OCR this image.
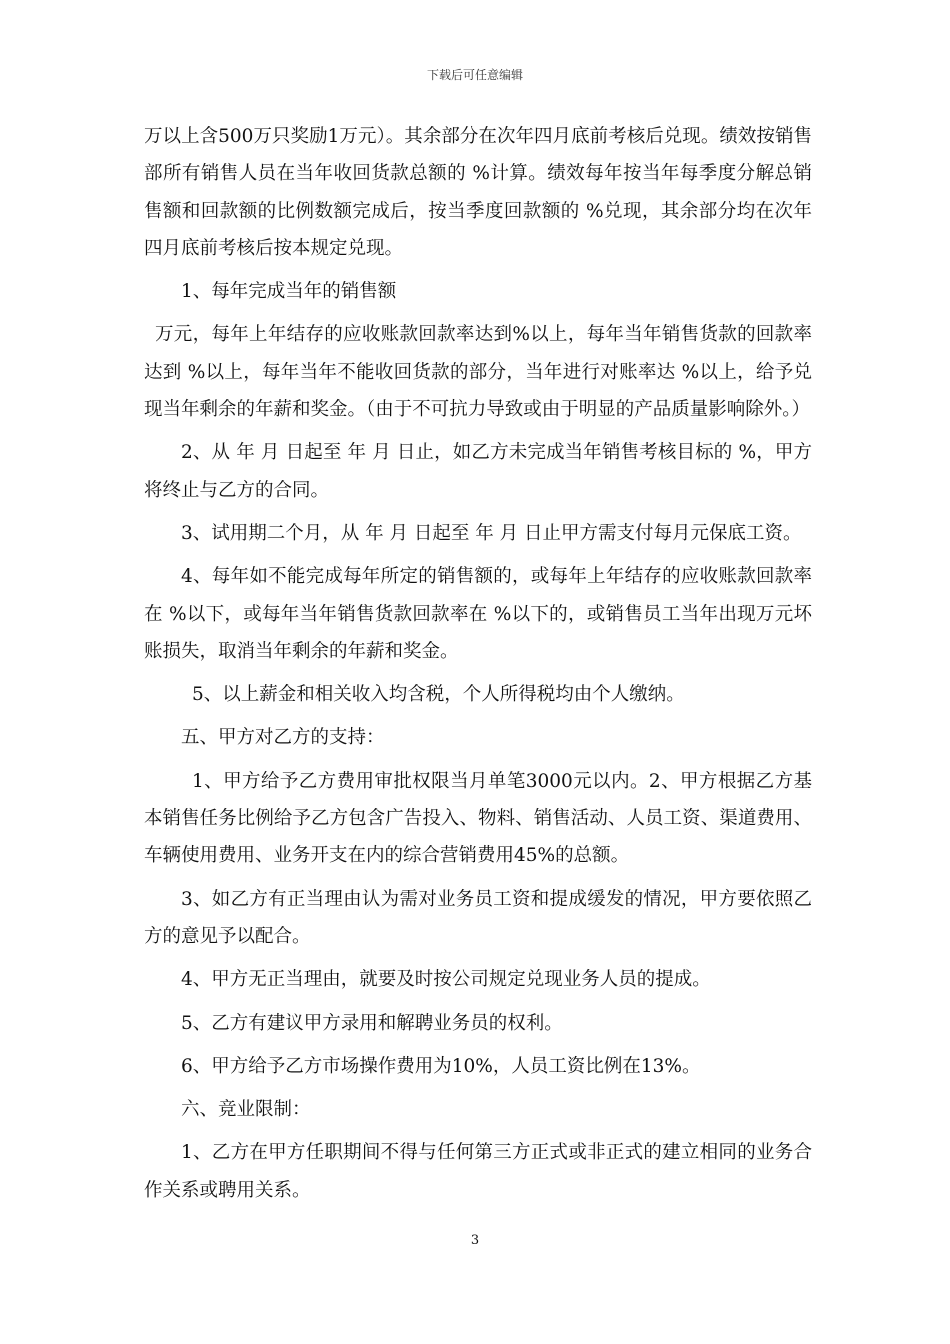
下载后可任意编辑

万以上含500万只奖励1万元）。其余部分在次年四月底前考核后兑现。绩效按销售部所有销售人员在当年收回货款总额的 %计算。绩效每年按当年每季度分解总销售额和回款额的比例数额完成后，按当季度回款额的 %兑现，其余部分均在次年四月底前考核后按本规定兑现。

1、每年完成当年的销售额

万元，每年上年结存的应收账款回款率达到%以上，每年当年销售货款的回款率达到 %以上，每年当年不能收回货款的部分，当年进行对账率达 %以上，给予兑现当年剩余的年薪和奖金。（由于不可抗力导致或由于明显的产品质量影响除外。）

2、从 年 月 日起至 年 月 日止，如乙方未完成当年销售考核目标的 %，甲方将终止与乙方的合同。

3、试用期二个月，从 年 月 日起至 年 月 日止甲方需支付每月元保底工资。

4、每年如不能完成每年所定的销售额的，或每年上年结存的应收账款回款率在 %以下，或每年当年销售货款回款率在 %以下的，或销售员工当年出现万元坏账损失，取消当年剩余的年薪和奖金。

5、以上薪金和相关收入均含税，个人所得税均由个人缴纳。

五、甲方对乙方的支持：

1、甲方给予乙方费用审批权限当月单笔3000元以内。2、甲方根据乙方基本销售任务比例给予乙方包含广告投入、物料、销售活动、人员工资、渠道费用、车辆使用费用、业务开支在内的综合营销费用45%的总额。

3、如乙方有正当理由认为需对业务员工资和提成缓发的情况，甲方要依照乙方的意见予以配合。

4、甲方无正当理由，就要及时按公司规定兑现业务人员的提成。

5、乙方有建议甲方录用和解聘业务员的权利。

6、甲方给予乙方市场操作费用为10%，人员工资比例在13%。

六、竞业限制：

1、乙方在甲方任职期间不得与任何第三方正式或非正式的建立相同的业务合作关系或聘用关系。

3
